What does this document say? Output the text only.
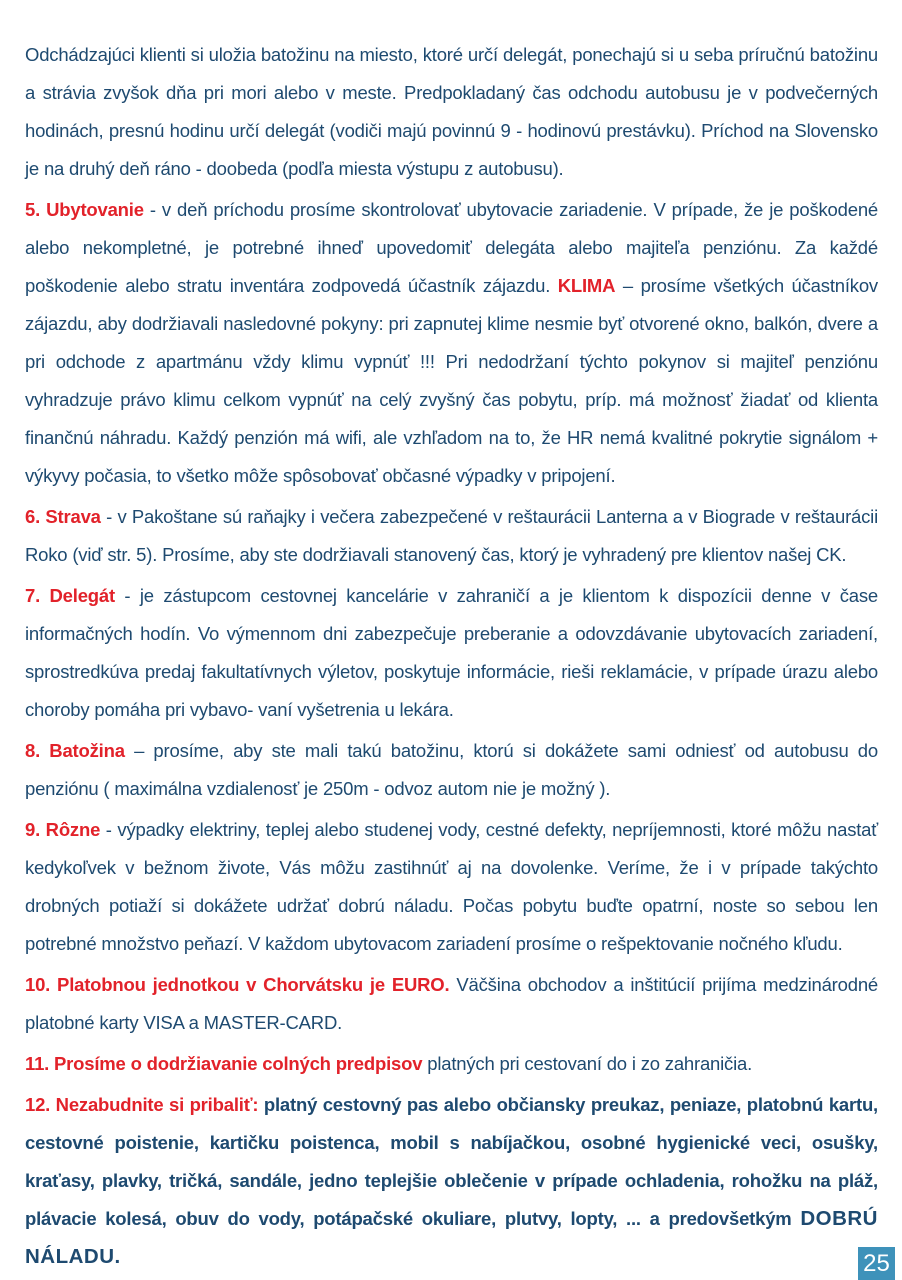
Odchádzajúci klienti si uložia batožinu na miesto, ktoré určí delegát, ponechajú si u seba príručnú batožinu a strávia zvyšok dňa pri mori alebo v meste. Predpokladaný čas odchodu autobusu je v podvečerných hodinách, presnú hodinu určí delegát (vodiči majú povinnú 9 - hodinovú prestávku). Príchod na Slovensko je na druhý deň ráno - doobeda (podľa miesta výstupu z autobusu).

5. Ubytovanie - v deň príchodu prosíme skontrolovať ubytovacie zariadenie. V prípade, že je poškodené alebo nekompletné, je potrebné ihneď upovedomiť delegáta alebo majiteľa penziónu. Za každé poškodenie alebo stratu inventára zodpovedá účastník zájazdu. KLIMA – prosíme všetkých účastníkov zájazdu, aby dodržiavali nasledovné pokyny: pri zapnutej klime nesmie byť otvorené okno, balkón, dvere a pri odchode z apartmánu vždy klimu vypnúť !!! Pri nedodržaní týchto pokynov si majiteľ penziónu vyhradzuje právo klimu celkom vypnúť na celý zvyšný čas pobytu, príp. má možnosť žiadať od klienta finančnú náhradu. Každý penzión má wifi, ale vzhľadom na to, že HR nemá kvalitné pokrytie signálom + výkyvy počasia, to všetko môže spôsobovať občasné výpadky v pripojení.

6. Strava - v Pakoštane sú raňajky i večera zabezpečené v reštaurácii Lanterna a v Biograde v reštaurácii Roko (viď str. 5). Prosíme, aby ste dodržiavali stanovený čas, ktorý je vyhradený pre klientov našej CK.

7. Delegát - je zástupcom cestovnej kancelárie v zahraničí a je klientom k dispozícii denne v čase informačných hodín. Vo výmennom dni zabezpečuje preberanie a odovzdávanie ubytovacích zariadení, sprostredkúva predaj fakultatívnych výletov, poskytuje informácie, rieši reklamácie, v prípade úrazu alebo choroby pomáha pri vybavo- vaní vyšetrenia u lekára.

8. Batožina – prosíme, aby ste mali takú batožinu, ktorú si dokážete sami odniesť od autobusu do penziónu ( maximálna vzdialenosť je 250m - odvoz autom nie je možný ).

9. Rôzne - výpadky elektriny, teplej alebo studenej vody, cestné defekty, nepríjemnosti, ktoré môžu nastať kedykoľvek v bežnom živote, Vás môžu zastihnúť aj na dovolenke. Veríme, že i v prípade takýchto drobných potiaží si dokážete udržať dobrú náladu. Počas pobytu buďte opatrní, noste so sebou len potrebné množstvo peňazí. V každom ubytovacom zariadení prosíme o rešpektovanie nočného kľudu.

10. Platobnou jednotkou v Chorvátsku je EURO. Väčšina obchodov a inštitúcií prijíma medzinárodné platobné karty VISA a MASTER-CARD.

11. Prosíme o dodržiavanie colných predpisov platných pri cestovaní do i zo zahraničia.

12. Nezabudnite si pribaliť: platný cestovný pas alebo občiansky preukaz, peniaze, platobnú kartu, cestovné poistenie, kartičku poistenca, mobil s nabíjačkou, osobné hygienické veci, osušky, kraťasy, plavky, tričká, sandále, jedno teplejšie oblečenie v prípade ochladenia, rohožku na pláž, plávacie kolesá, obuv do vody, potápačské okuliare, plutvy, lopty, ... a predovšetkým DOBRÚ NÁLADU.	25
